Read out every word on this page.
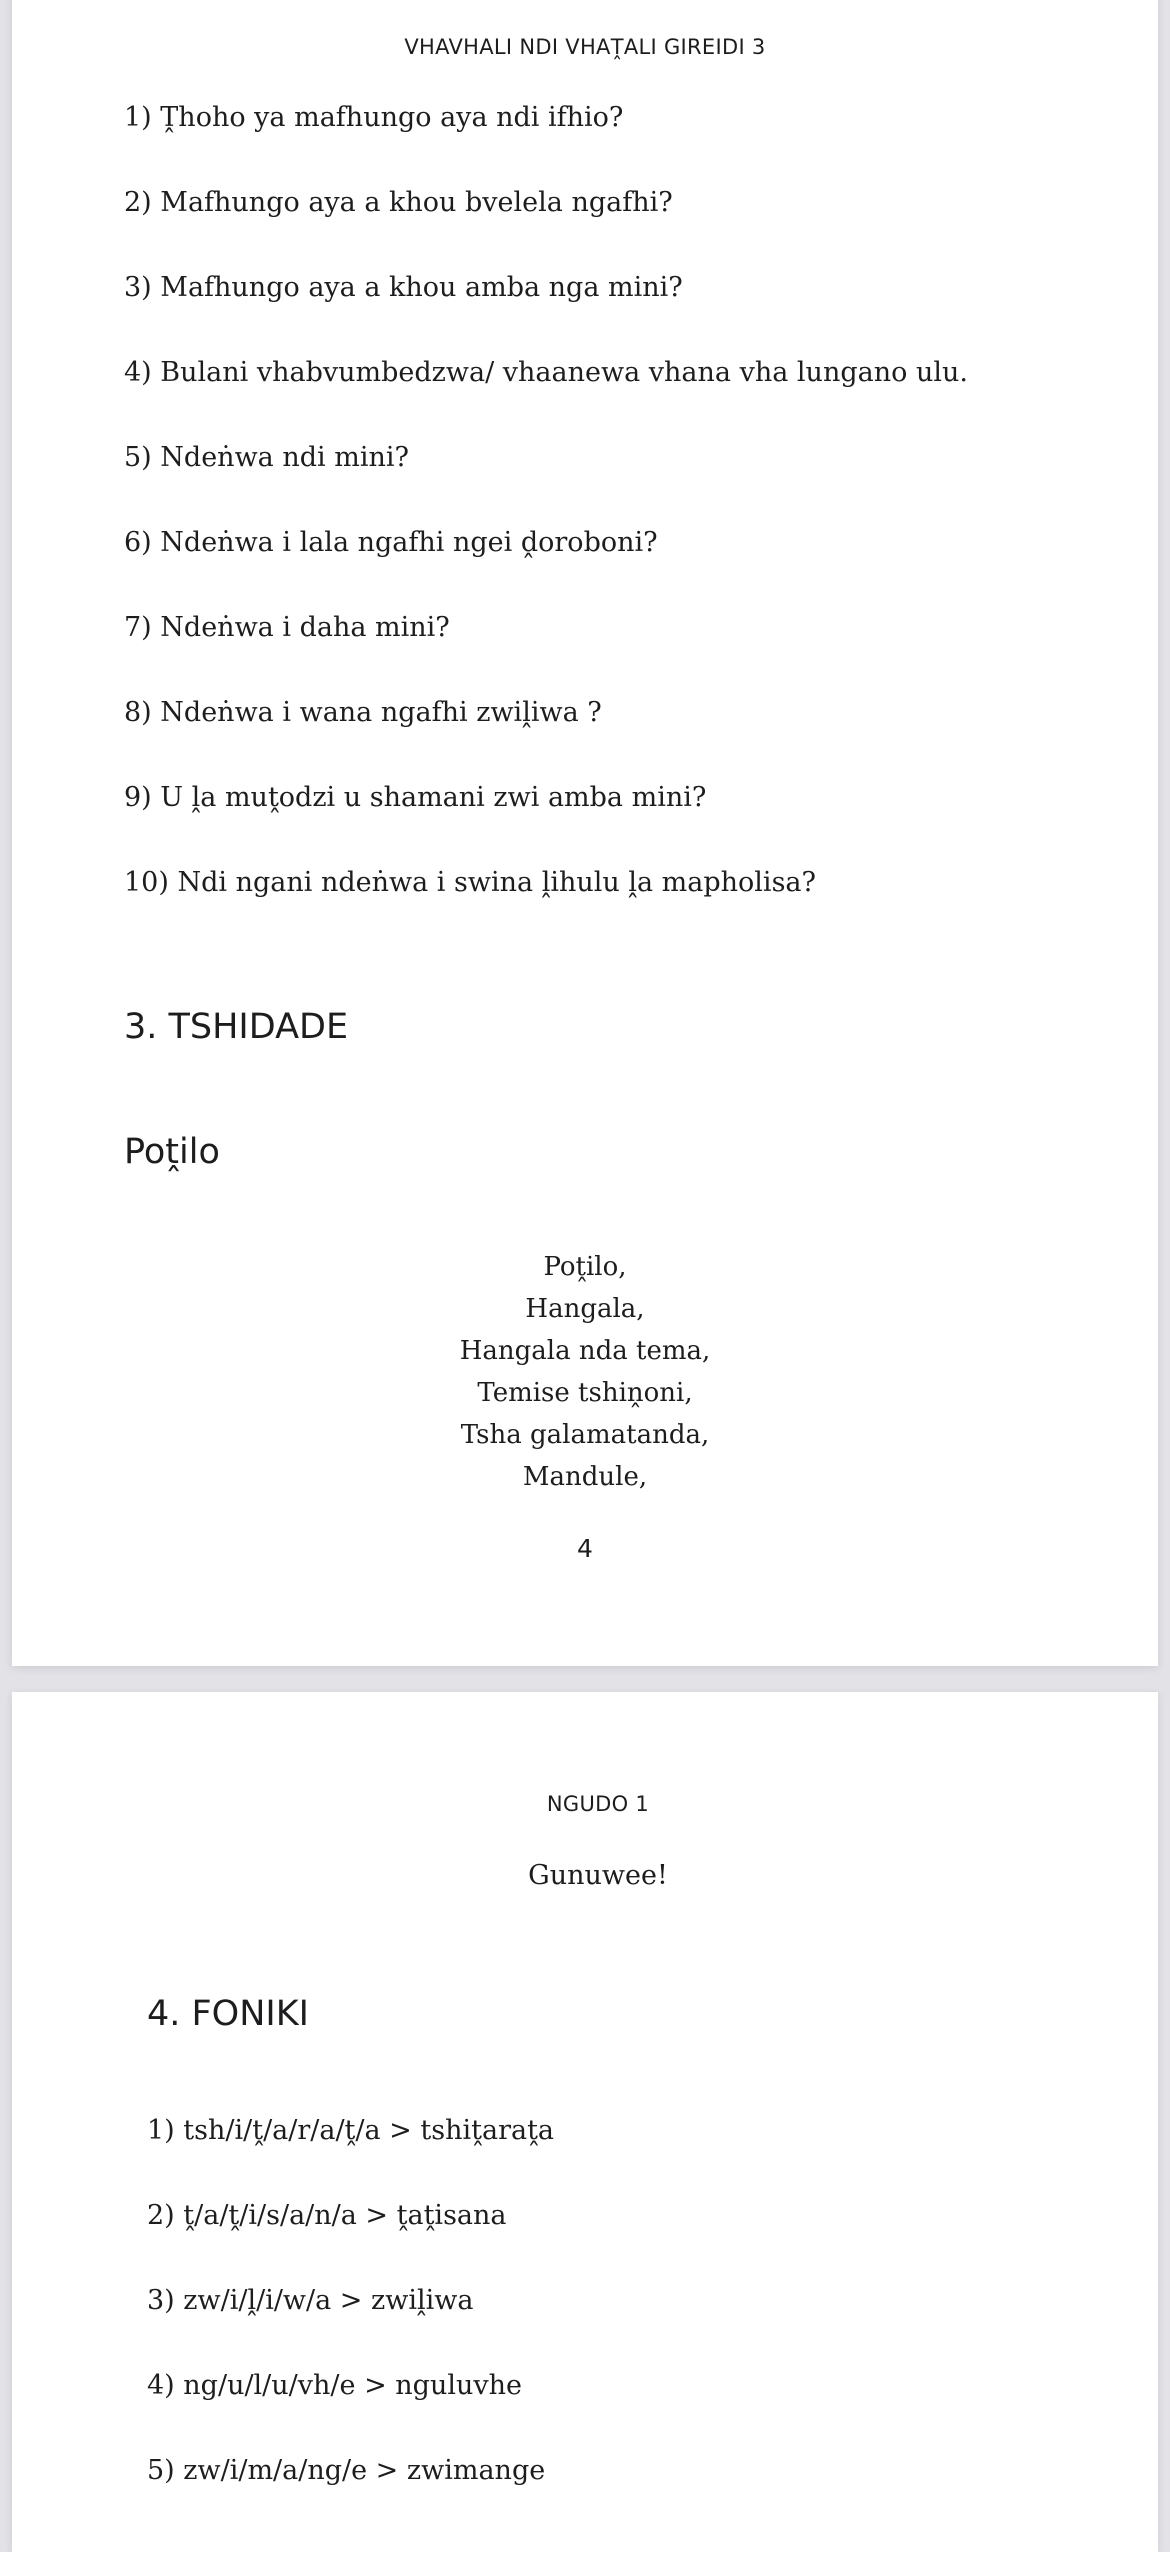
VHAVHALI NDI VHAṰALI GIREIDI 3
1) Ṱhoho ya mafhungo aya ndi ifhio?
2) Mafhungo aya a khou bvelela ngafhi?
3) Mafhungo aya a khou amba nga mini?
4) Bulani vhabvumbedzwa/ vhaanewa vhana vha lungano ulu.
5) Ndeṅwa ndi mini?
6) Ndeṅwa i lala ngafhi ngei ḓoroboni?
7) Ndeṅwa i daha mini?
8) Ndeṅwa i wana ngafhi zwiḽiwa ?
9) U ḽa muṱodzi u shamani zwi amba mini?
10) Ndi ngani ndeṅwa i swina ḽihulu ḽa mapholisa?
3. TSHIDADE
Poṱilo
Poṱilo,
Hangala,
Hangala nda tema,
Temise tshiṋoni,
Tsha galamatanda,
Mandule,
4
NGUDO 1
Gunuwee!
4. FONIKI
1) tsh/i/ṱ/a/r/a/ṱ/a > tshiṱaraṱa
2) ṱ/a/ṱ/i/s/a/n/a > ṱaṱisana
3) zw/i/ḽ/i/w/a > zwiḽiwa
4) ng/u/l/u/vh/e > nguluvhe
5) zw/i/m/a/ng/e > zwimange
